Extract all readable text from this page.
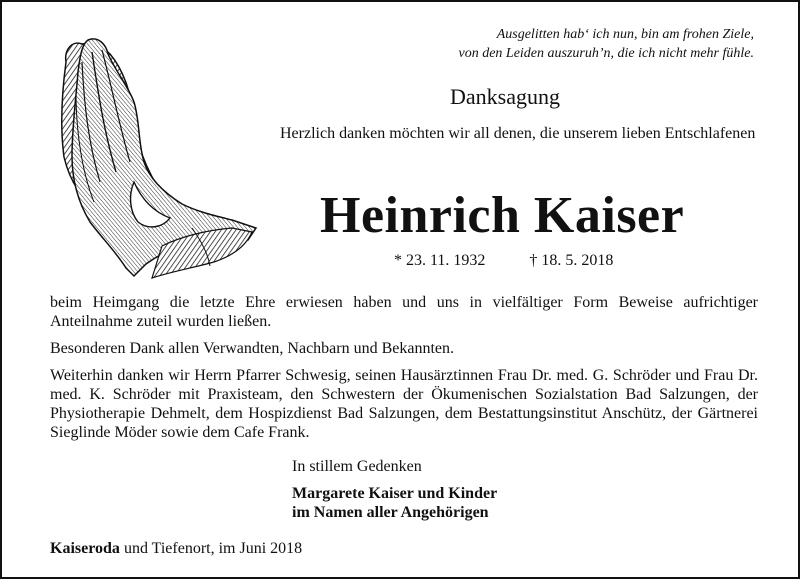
Ausgelitten hab‘ ich nun, bin am frohen Ziele,
von den Leiden auszuruh’n, die ich nicht mehr fühle.
Danksagung
Herzlich danken möchten wir all denen, die unserem lieben Entschlafenen
Heinrich Kaiser
* 23. 11. 1932	† 18. 5. 2018

beim Heimgang die letzte Ehre erwiesen haben und uns in vielfältiger Form Beweise aufrichtiger Anteilnahme zuteil wurden ließen.

Besonderen Dank allen Verwandten, Nachbarn und Bekannten.

Weiterhin danken wir Herrn Pfarrer Schwesig, seinen Hausärztinnen Frau Dr. med. G. Schröder und Frau Dr. med. K. Schröder mit Praxisteam, den Schwestern der Ökumenischen Sozialstation Bad Salzungen, der Physiotherapie Dehmelt, dem Hospizdienst Bad Salzungen, dem Bestattungsinstitut Anschütz, der Gärtnerei Sieglinde Möder sowie dem Cafe Frank.

In stillem Gedenken
Margarete Kaiser und Kinder
im Namen aller Angehörigen
Kaiseroda und Tiefenort, im Juni 2018
